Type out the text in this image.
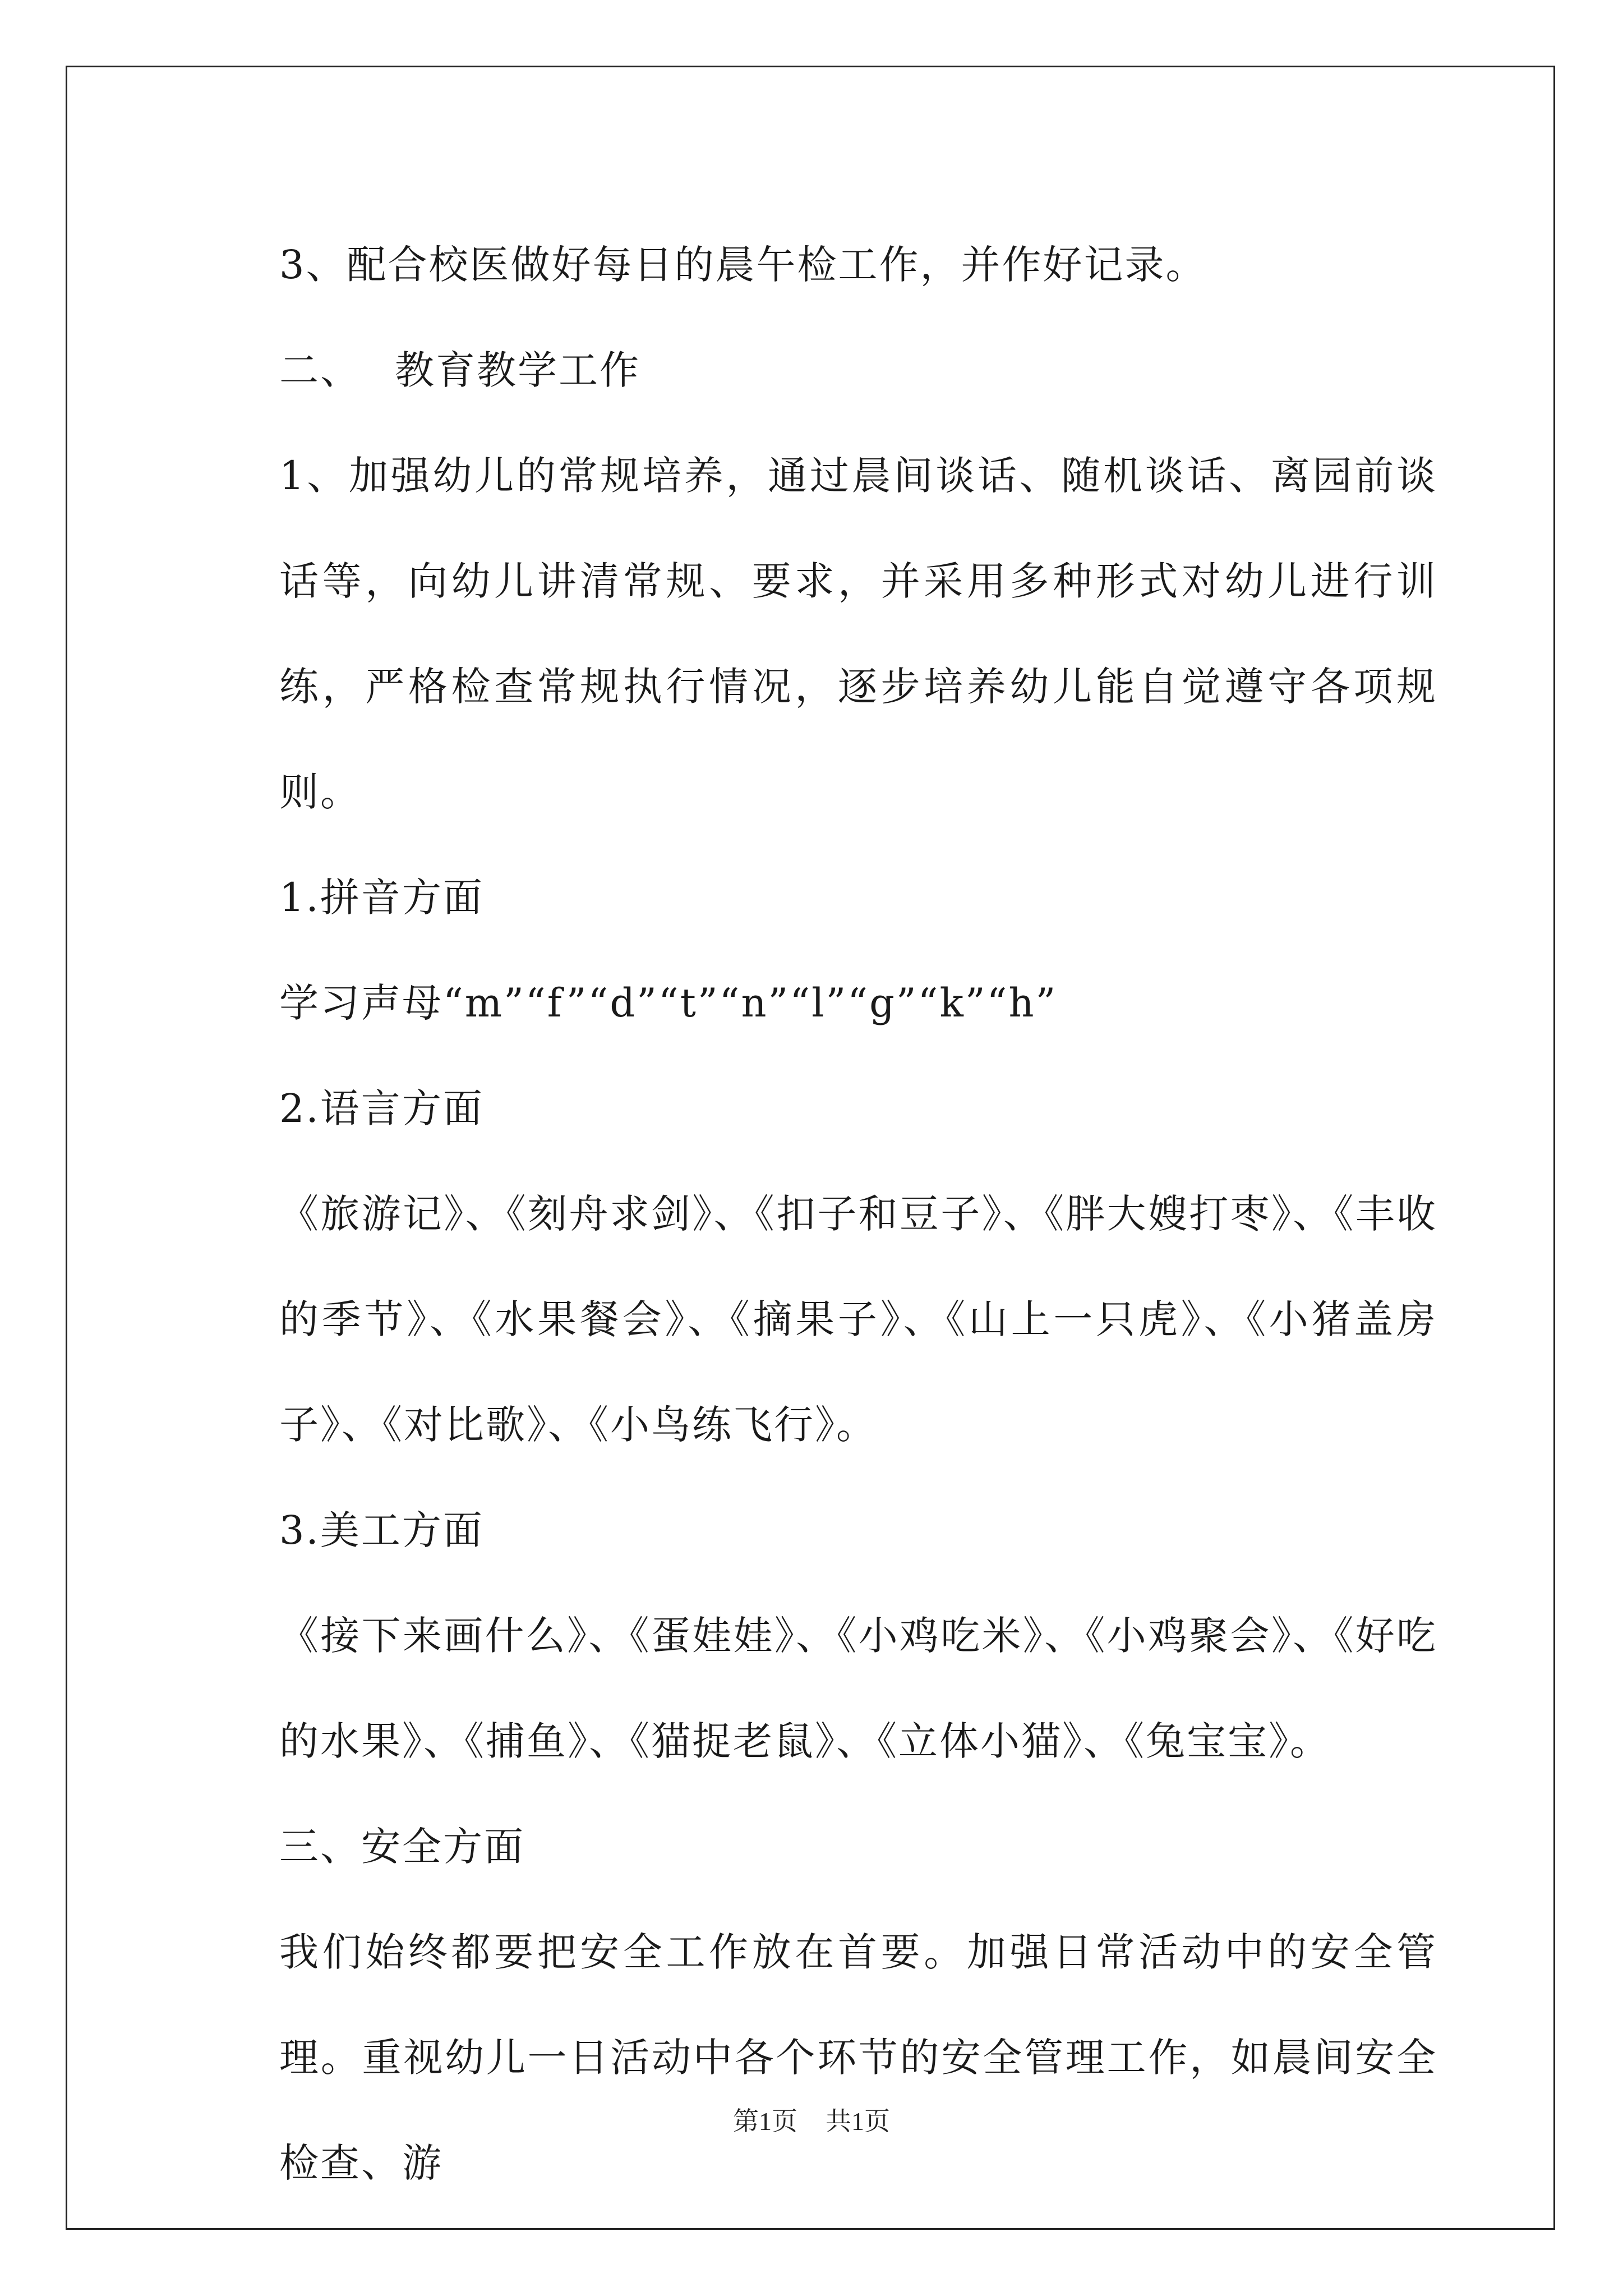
3、配合校医做好每日的晨午检工作，并作好记录。

二、 教育教学工作

1、加强幼儿的常规培养，通过晨间谈话、随机谈话、离园前谈话等，向幼儿讲清常规、要求，并采用多种形式对幼儿进行训练，严格检查常规执行情况，逐步培养幼儿能自觉遵守各项规则。

1.拼音方面

学习声母“m”“f”“d”“t”“n”“l”“g”“k”“h”

2.语言方面

《旅游记》、《刻舟求剑》、《扣子和豆子》、《胖大嫂打枣》、《丰收的季节》、《水果餐会》、《摘果子》、《山上一只虎》、《小猪盖房子》、《对比歌》、《小鸟练飞行》。

3.美工方面

《接下来画什么》、《蛋娃娃》、《小鸡吃米》、《小鸡聚会》、《好吃的水果》、《捕鱼》、《猫捉老鼠》、《立体小猫》、《兔宝宝》。

三、安全方面

我们始终都要把安全工作放在首要。加强日常活动中的安全管理。重视幼儿一日活动中各个环节的安全管理工作，如晨间安全检查、游

第1页 共1页
